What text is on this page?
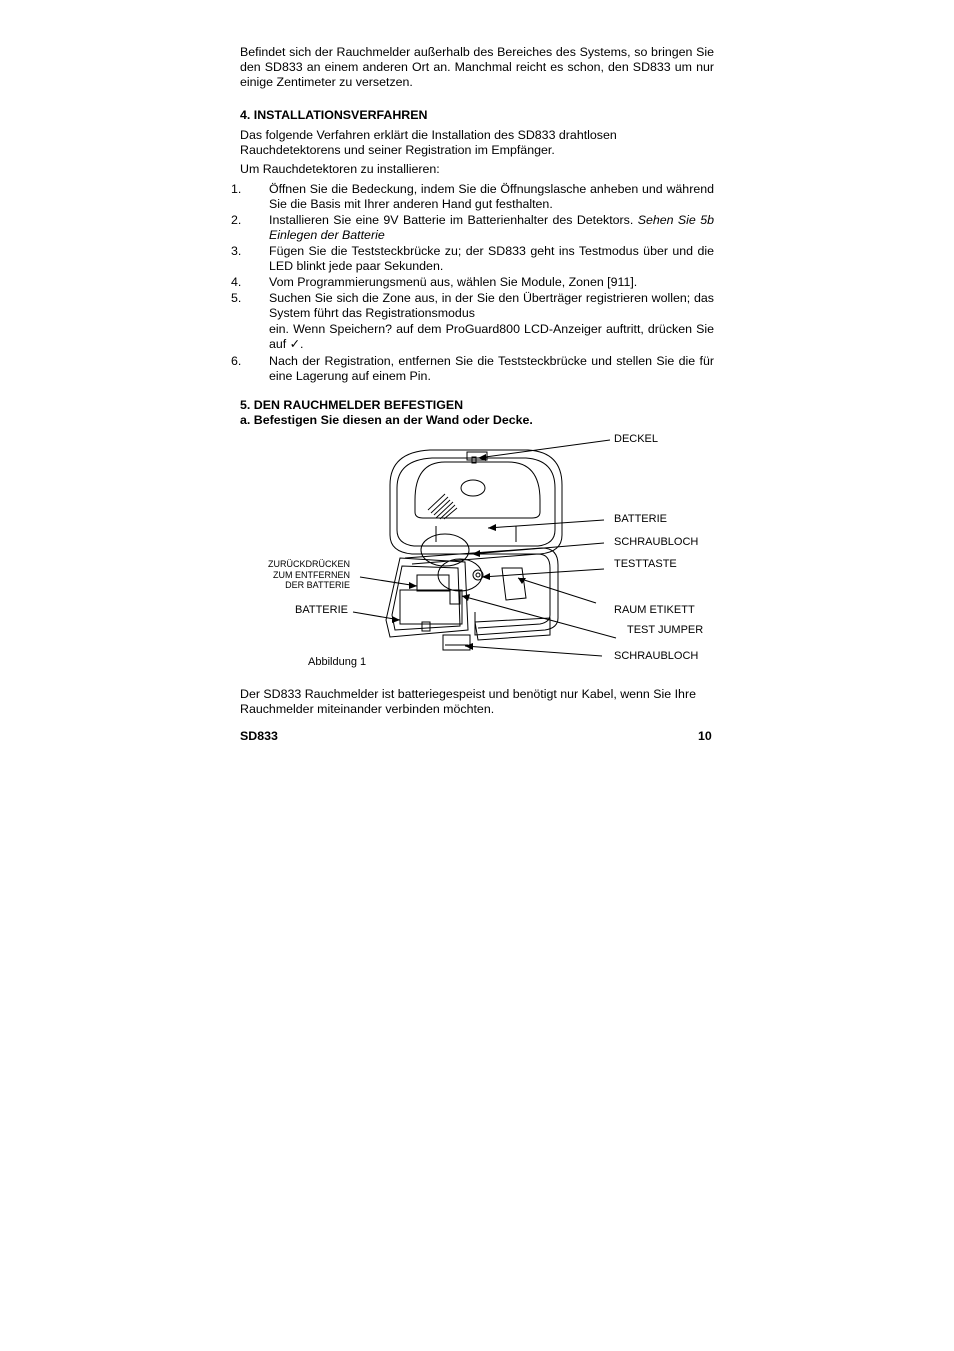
Befindet sich der Rauchmelder außerhalb des Bereiches des Systems, so bringen Sie den SD833 an einem anderen Ort an. Manchmal reicht es schon, den SD833 um nur einige Zentimeter zu versetzen.

4. INSTALLATIONSVERFAHREN

Das folgende Verfahren erklärt die Installation des SD833 drahtlosen Rauchdetektorens und seiner Registration im Empfänger.

Um Rauchdetektoren zu installieren:
1. Öffnen Sie die Bedeckung, indem Sie die Öffnungslasche anheben und während Sie die Basis mit Ihrer anderen Hand gut festhalten.
2. Installieren Sie eine 9V Batterie im Batterienhalter des Detektors. Sehen Sie 5b Einlegen der Batterie
3. Fügen Sie die Teststeckbrücke zu; der SD833 geht ins Testmodus über und die LED blinkt jede paar Sekunden.
4. Vom Programmierungsmenü aus, wählen Sie Module, Zonen [911].
5. Suchen Sie sich die Zone aus, in der Sie den Überträger registrieren wollen; das System führt das Registrationsmodus
ein. Wenn Speichern? auf dem ProGuard800 LCD-Anzeiger auftritt, drücken Sie auf ✓.
6. Nach der Registration, entfernen Sie die Teststeckbrücke und stellen Sie die für eine Lagerung auf einem Pin.
5. DEN RAUCHMELDER BEFESTIGEN
a. Befestigen Sie diesen an der Wand oder Decke.
DECKEL
BATTERIE
SCHRAUBLOCH
TESTTASTE
RAUM ETIKETT
TEST JUMPER
SCHRAUBLOCH
ZURÜCKDRÜCKEN
ZUM ENTFERNEN
DER BATTERIE
BATTERIE
Abbildung 1

Der SD833 Rauchmelder ist batteriegespeist und benötigt nur Kabel, wenn Sie Ihre Rauchmelder miteinander verbinden möchten.

SD833	10
